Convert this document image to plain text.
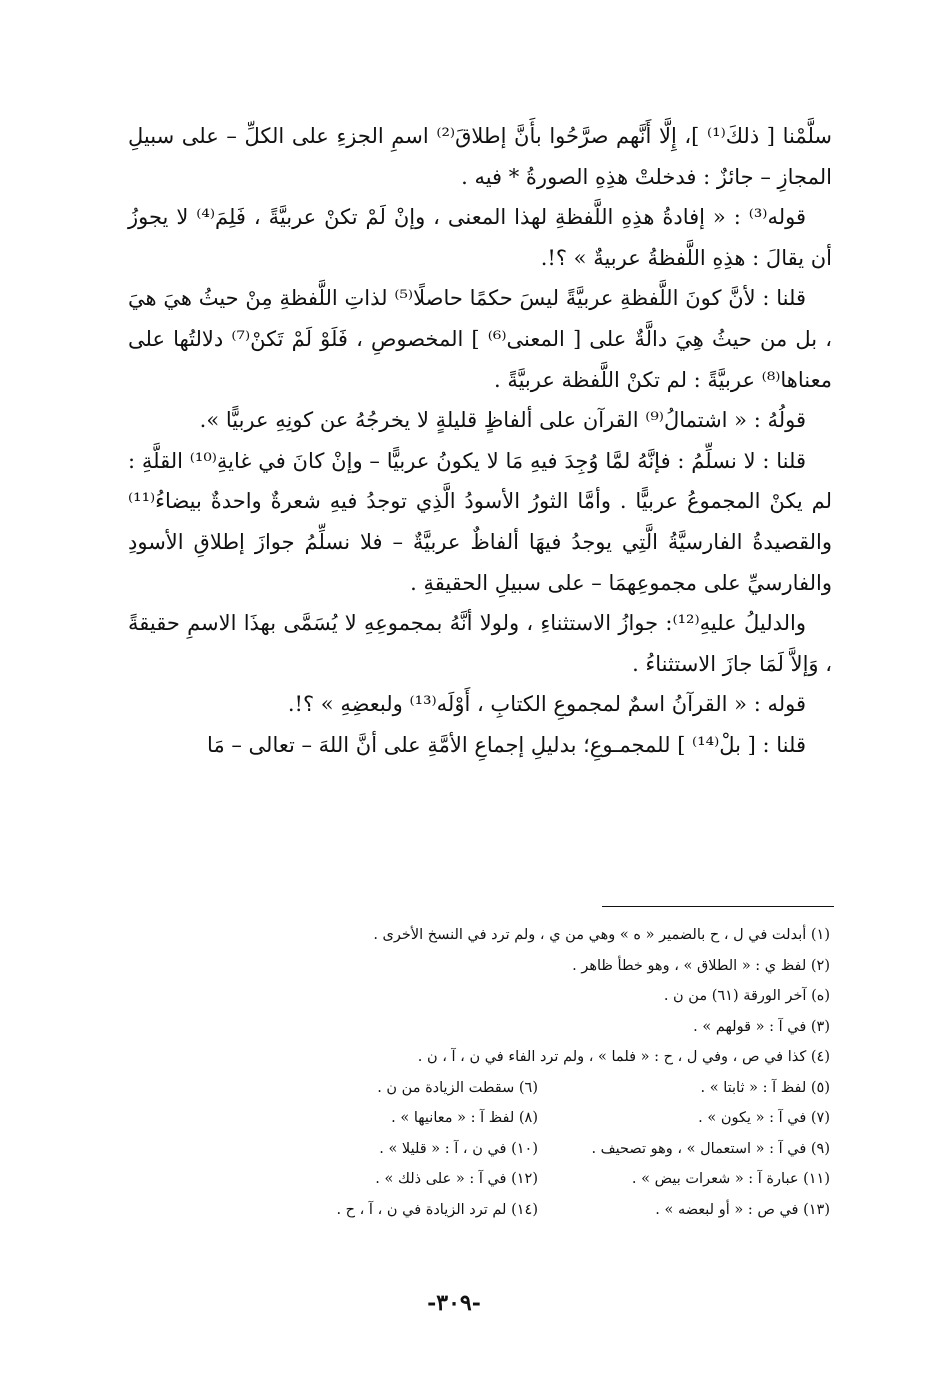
سلَّمْنا [ ذلكَ⁽¹⁾ ]، إِلَّا أَنَّهم صرَّحُوا بأَنَّ إطلاقَ⁽²⁾ اسمِ الجزءِ على الكلِّ – على سبيلِ المجازِ – جائزٌ : فدخلتْ هذِهِ الصورةُ * فيه .

قوله⁽³⁾ : « إفادةُ هذِهِ اللَّفظةِ لهذا المعنى ، وإنْ لَمْ تكنْ عربيَّةً ، فَلِمَ⁽⁴⁾ لا يجوزُ أن يقالَ : هذِهِ اللَّفظةُ عربيةٌ » ؟!.

قلنا : لأنَّ كونَ اللَّفظةِ عربيَّةً ليسَ حكمًا حاصلًا⁽⁵⁾ لذاتِ اللَّفظةِ مِنْ حيثُ هيَ هيَ ، بل من حيثُ هِيَ دالَّةٌ على [ المعنى⁽⁶⁾ ] المخصوصِ ، فَلَوْ لَمْ تَكنْ⁽⁷⁾ دلالتُها على معناها⁽⁸⁾ عربيَّةً : لم تكنْ اللَّفظة عربيَّةً .

قولُهُ : « اشتمالُ⁽⁹⁾ القرآن على ألفاظٍ قليلةٍ لا يخرجُهُ عن كونِهِ عربيًّا ».

قلنا : لا نسلِّمُ : فإنَّهُ لمَّا وُجِدَ فيهِ مَا لا يكونُ عربيًّا – وإنْ كانَ في غايةِ⁽¹⁰⁾ القلَّةِ : لم يكنْ المجموعُ عربيًّا . وأمَّا الثورُ الأسودُ الَّذِي توجدُ فيهِ شعرةٌ واحدةٌ بيضاءُ⁽¹¹⁾ والقصيدةُ الفارسيَّةُ الَّتِي يوجدُ فيهَا ألفاظٌ عربيَّةٌ – فلا نسلِّمُ جوازَ إطلاقِ الأسودِ والفارسيِّ على مجموعِهمَا – على سبيلِ الحقيقةِ .

والدليلُ عليهِ⁽¹²⁾: جوازُ الاستثناءِ ، ولولا أنَّهُ بمجموعِهِ لا يُسَمَّى بهذَا الاسمِ حقيقةً ، وَإلاَّ لَمَا جازَ الاستثناءُ .

قوله : « القرآنُ اسمٌ لمجموعِ الكتابِ ، أَوْلَه⁽¹³⁾ ولبعضِهِ » ؟!.

قلنا : [ بلْ⁽¹⁴⁾ ] للمجمـوعِ؛ بدليلِ إجماعِ الأمَّةِ على أنَّ اللهَ – تعالى – مَا

(١) أبدلت في ل ، ح بالضمير « ه » وهي من ي ، ولم ترد في النسخ الأخرى .
(٢) لفظ ي : « الطلاق » ، وهو خطأ ظاهر .
(ه) آخر الورقة (٦١) من ن .
(٣) في آ : « قولهم » .
(٤) كذا في ص ، وفي ل ، ح : « فلما » ، ولم ترد الفاء في ن ، آ ، ن .
(٥) لفظ آ : « ثابتا » .
(٦) سقطت الزيادة من ن .
(٧) في آ : « يكون » .
(٨) لفظ آ : « معانيها » .
(٩) في آ : « استعمال » ، وهو تصحيف .
(١٠) في ن ، آ : « قليلا » .
(١١) عبارة آ : « شعرات بيض » .
(١٢) في آ : « على ذلك » .
(١٣) في ص : « أو لبعضه » .
(١٤) لم ترد الزيادة في ن ، آ ، ح .
-٣٠٩-
